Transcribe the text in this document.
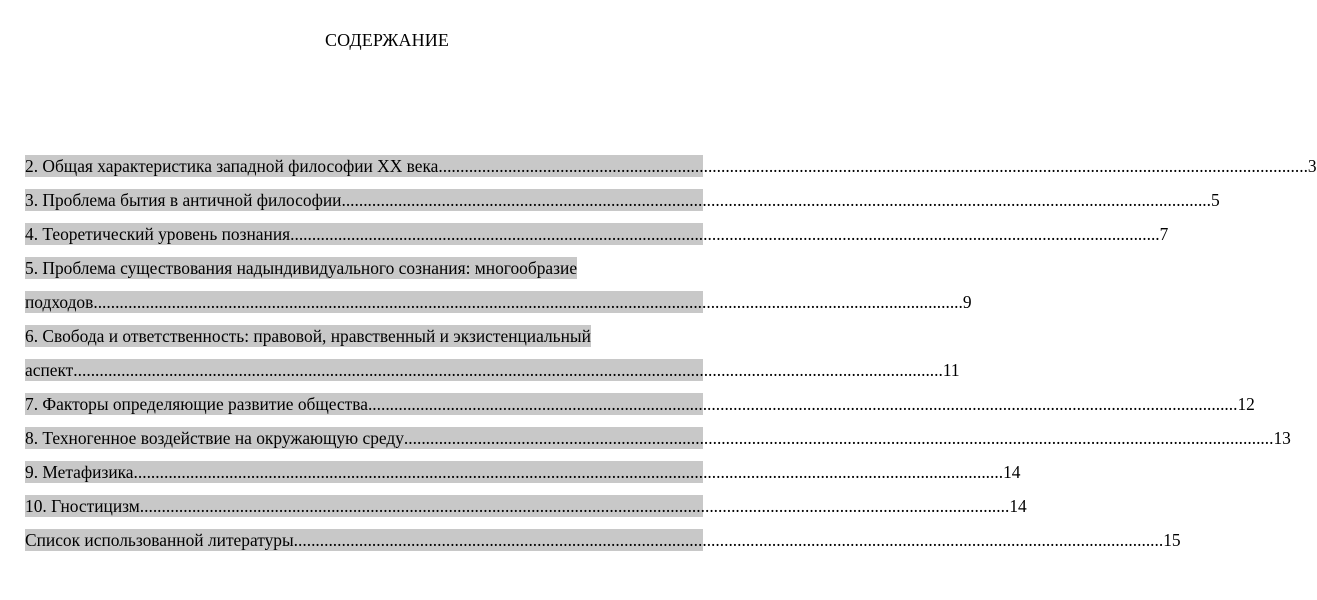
СОДЕРЖАНИЕ
2. Общая характеристика западной философии XX века ........................................................................................................................................................................................................ 3
3. Проблема бытия в античной философии ........................................................................................................................................................................................................ 5
4. Теоретический уровень познания ........................................................................................................................................................................................................ 7
5. Проблема существования надындивидуального сознания: многообразие
подходов ........................................................................................................................................................................................................ 9
6. Свобода и ответственность: правовой, нравственный и экзистенциальный
аспект ........................................................................................................................................................................................................ 11
7. Факторы определяющие развитие общества ........................................................................................................................................................................................................ 12
8. Техногенное воздействие на окружающую среду ........................................................................................................................................................................................................ 13
9. Метафизика ........................................................................................................................................................................................................ 14
10. Гностицизм ........................................................................................................................................................................................................ 14
Список использованной литературы ........................................................................................................................................................................................................ 15
